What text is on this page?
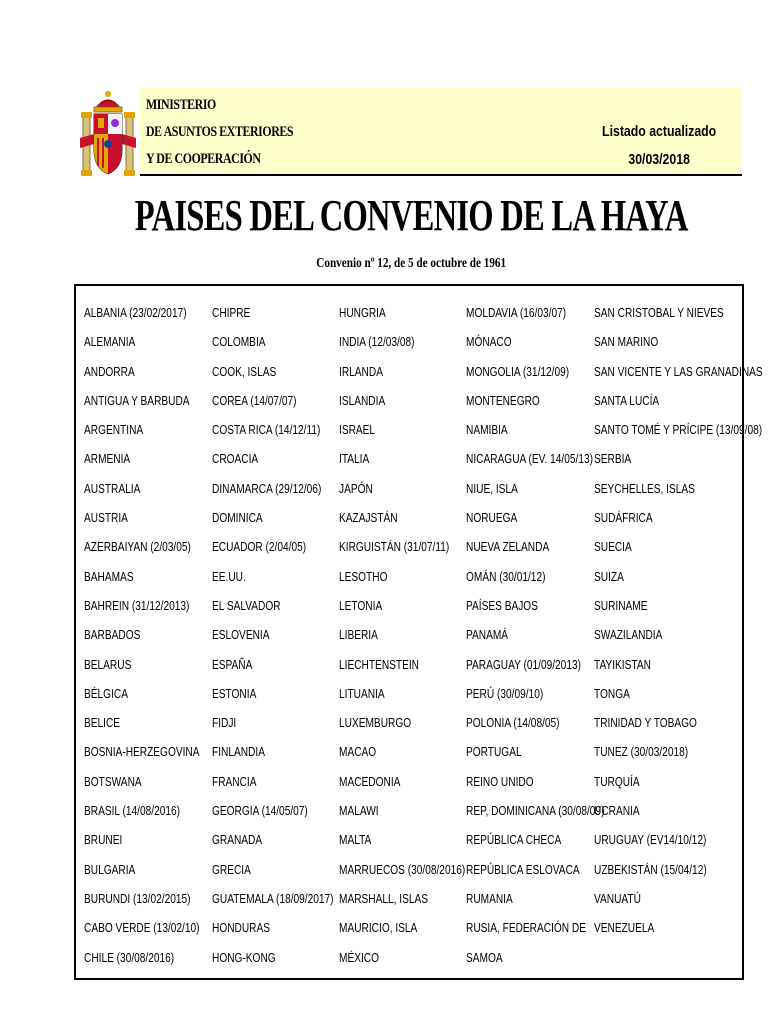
MINISTERIO
DE ASUNTOS EXTERIORES
Y DE COOPERACIÓN
Listado actualizado
30/03/2018
PAISES DEL CONVENIO DE LA HAYA
Convenio nº 12, de 5 de octubre de 1961
ALBANIA (23/02/2017)
ALEMANIA
ANDORRA
ANTIGUA Y BARBUDA
ARGENTINA
ARMENIA
AUSTRALIA
AUSTRIA
AZERBAIYAN (2/03/05)
BAHAMAS
BAHREIN (31/12/2013)
BARBADOS
BELARUS
BÉLGICA
BELICE
BOSNIA-HERZEGOVINA
BOTSWANA
BRASIL (14/08/2016)
BRUNEI
BULGARIA
BURUNDI (13/02/2015)
CABO VERDE (13/02/10)
CHILE (30/08/2016)
CHIPRE
COLOMBIA
COOK, ISLAS
COREA (14/07/07)
COSTA RICA (14/12/11)
CROACIA
DINAMARCA (29/12/06)
DOMINICA
ECUADOR (2/04/05)
EE.UU.
EL SALVADOR
ESLOVENIA
ESPAÑA
ESTONIA
FIDJI
FINLANDIA
FRANCIA
GEORGIA (14/05/07)
GRANADA
GRECIA
GUATEMALA (18/09/2017)
HONDURAS
HONG-KONG
HUNGRIA
INDIA (12/03/08)
IRLANDA
ISLANDIA
ISRAEL
ITALIA
JAPÓN
KAZAJSTÁN
KIRGUISTÁN (31/07/11)
LESOTHO
LETONIA
LIBERIA
LIECHTENSTEIN
LITUANIA
LUXEMBURGO
MACAO
MACEDONIA
MALAWI
MALTA
MARRUECOS (30/08/2016)
MARSHALL, ISLAS
MAURICIO, ISLA
MÉXICO
MOLDAVIA (16/03/07)
MÓNACO
MONGOLIA (31/12/09)
MONTENEGRO
NAMIBIA
NICARAGUA (EV. 14/05/13)
NIUE, ISLA
NORUEGA
NUEVA ZELANDA
OMÁN (30/01/12)
PAÍSES BAJOS
PANAMÁ
PARAGUAY (01/09/2013)
PERÚ (30/09/10)
POLONIA (14/08/05)
PORTUGAL
REINO UNIDO
REP, DOMINICANA (30/08/09)
REPÚBLICA CHECA
REPÚBLICA ESLOVACA
RUMANIA
RUSIA, FEDERACIÓN DE
SAMOA
SAN CRISTOBAL Y NIEVES
SAN MARINO
SAN VICENTE Y LAS GRANADINAS
SANTA LUCÍA
SANTO TOMÉ Y PRÍCIPE (13/09/08)
SERBIA
SEYCHELLES, ISLAS
SUDÁFRICA
SUECIA
SUIZA
SURINAME
SWAZILANDIA
TAYIKISTAN
TONGA
TRINIDAD Y TOBAGO
TUNEZ (30/03/2018)
TURQUÍA
UCRANIA
URUGUAY (EV14/10/12)
UZBEKISTÁN (15/04/12)
VANUATÚ
VENEZUELA
